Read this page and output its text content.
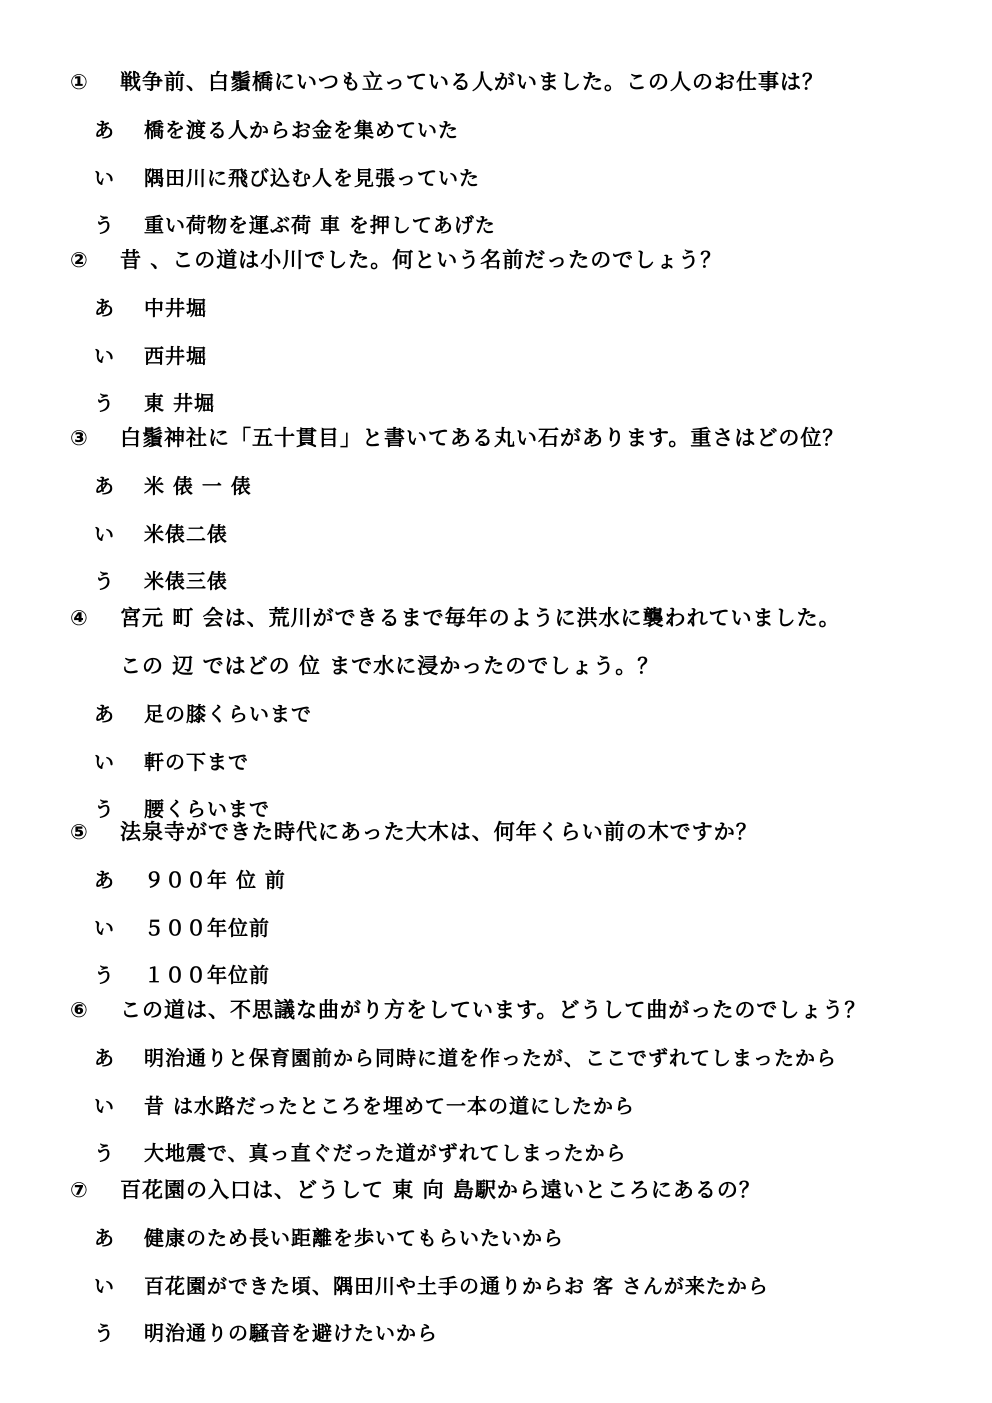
①	戦争前、白鬚橋にいつも立っている人がいました。この人のお仕事は？
あ	橋を渡る人からお金を集めていた
い	隅田川に飛び込む人を見張っていた
う	重い荷物を運ぶ荷 車 を押してあげた
②	昔 、この道は小川でした。何という名前だったのでしょう？
あ	中井堀
い	西井堀
う	東 井堀
③	白鬚神社に「五十貫目」と書いてある丸い石があります。重さはどの位？
あ	米 俵 一 俵
い	米俵二俵
う	米俵三俵
④	宮元 町 会は、荒川ができるまで毎年のように洪水に襲われていました。
この 辺 ではどの 位 まで水に浸かったのでしょう。？
あ	足の膝くらいまで
い	軒の下まで
う	腰くらいまで
⑤	法泉寺ができた時代にあった大木は、何年くらい前の木ですか？
あ	９００年 位 前
い	５００年位前
う	１００年位前
⑥	この道は、不思議な曲がり方をしています。どうして曲がったのでしょう？
あ	明治通りと保育園前から同時に道を作ったが、ここでずれてしまったから
い	昔 は水路だったところを埋めて一本の道にしたから
う	大地震で、真っ直ぐだった道がずれてしまったから
⑦	百花園の入口は、どうして 東 向 島駅から遠いところにあるの？
あ	健康のため長い距離を歩いてもらいたいから
い	百花園ができた頃、隅田川や土手の通りからお 客 さんが来たから
う	明治通りの騒音を避けたいから
